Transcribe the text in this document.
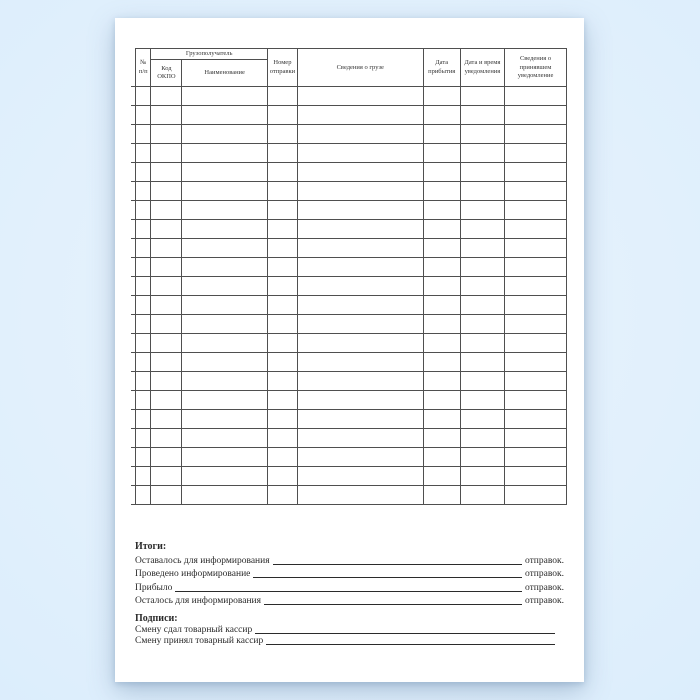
№ п/п	Грузополучатель		Номер отправки	Сведения о грузе	Дата прибытия	Дата и время уведомления	Сведения о принявшем уведомление
	Код ОКПО	Наименование					

Итоги:
Оставалось для информирования	отправок.
Проведено информирование	отправок.
Прибыло	отправок.
Осталось для информирования	отправок.
Подписи:
Смену сдал товарный кассир
Смену принял товарный кассир
